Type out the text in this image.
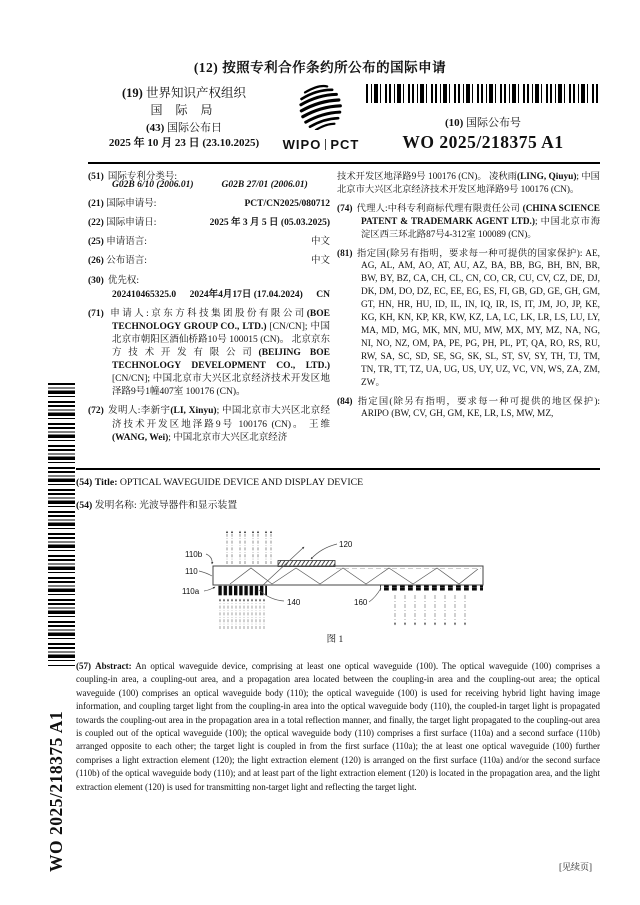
(12) 按照专利合作条约所公布的国际申请
(19) 世界知识产权组织
国 际 局
(43) 国际公布日
2025 年 10 月 23 日 (23.10.2025)	WIPO PCT
(10) 国际公布号
WO 2025/218375 A1

(51) 国际专利分类号:

G02B 6/10 (2006.01)	G02B 27/01 (2006.01)
(21) 国际申请号:	PCT/CN2025/080712
(22) 国际申请日:	2025 年 3 月 5 日 (05.03.2025)
(25) 申请语言:	中文
(26) 公布语言:	中文

(30) 优先权:

202410465325.0 2024年4月17日 (17.04.2024) CN

(71) 申请人:京东方科技集团股份有限公司(BOE TECHNOLOGY GROUP CO., LTD.) [CN/CN]; 中国北京市朝阳区酒仙桥路10号 100015 (CN)。 北京京东方技术开发有限公司(BEIJING BOE TECHNOLOGY DEVELOPMENT CO., LTD.) [CN/CN]; 中国北京市大兴区北京经济技术开发区地泽路9号1幢407室 100176 (CN)。

(72) 发明人:李新宇(LI, Xinyu); 中国北京市大兴区北京经济技术开发区地泽路9号 100176 (CN)。 王维(WANG, Wei); 中国北京市大兴区北京经济

技术开发区地泽路9号 100176 (CN)。 凌秋雨(LING, Qiuyu); 中国北京市大兴区北京经济技术开发区地泽路9号 100176 (CN)。

(74) 代理人:中科专利商标代理有限责任公司 (CHINA SCIENCE PATENT & TRADEMARK AGENT LTD.); 中国北京市海淀区西三环北路87号4-312室 100089 (CN)。

(81) 指定国(除另有指明，要求每一种可提供的国家保护): AE, AG, AL, AM, AO, AT, AU, AZ, BA, BB, BG, BH, BN, BR, BW, BY, BZ, CA, CH, CL, CN, CO, CR, CU, CV, CZ, DE, DJ, DK, DM, DO, DZ, EC, EE, EG, ES, FI, GB, GD, GE, GH, GM, GT, HN, HR, HU, ID, IL, IN, IQ, IR, IS, IT, JM, JO, JP, KE, KG, KH, KN, KP, KR, KW, KZ, LA, LC, LK, LR, LS, LU, LY, MA, MD, MG, MK, MN, MU, MW, MX, MY, MZ, NA, NG, NI, NO, NZ, OM, PA, PE, PG, PH, PL, PT, QA, RO, RS, RU, RW, SA, SC, SD, SE, SG, SK, SL, ST, SV, SY, TH, TJ, TM, TN, TR, TT, TZ, UA, UG, US, UY, UZ, VC, VN, WS, ZA, ZM, ZW。

(84) 指定国(除另有指明，要求每一种可提供的地区保护): ARIPO (BW, CV, GH, GM, KE, LR, LS, MW, MZ,

(54) Title: OPTICAL WAVEGUIDE DEVICE AND DISPLAY DEVICE
(54) 发明名称: 光波导器件和显示装置
110b
110
110a
120
140	160
图 1
(57) Abstract: An optical waveguide device, comprising at least one optical waveguide (100). The optical waveguide (100) comprises a coupling-in area, a coupling-out area, and a propagation area located between the coupling-in area and the coupling-out area; the optical waveguide (100) comprises an optical waveguide body (110); the optical waveguide (100) is used for receiving hybrid light having image information, and coupling target light from the coupling-in area into the optical waveguide body (110), the coupled-in target light is propagated towards the coupling-out area in the propagation area in a total reflection manner, and finally, the target light propagated to the coupling-out area is coupled out of the optical waveguide (100); the optical waveguide body (110) comprises a first surface (110a) and a second surface (110b) arranged opposite to each other; the target light is coupled in from the first surface (110a); the at least one optical waveguide (100) further comprises a light extraction element (120); the light extraction element (120) is arranged on the first surface (110a) and/or the second surface (110b) of the optical waveguide body (110); and at least part of the light extraction element (120) is located in the propagation area, and the light extraction element (120) is used for transmitting non-target light and reflecting the target light.
WO 2025/218375 A1	[见续页]
